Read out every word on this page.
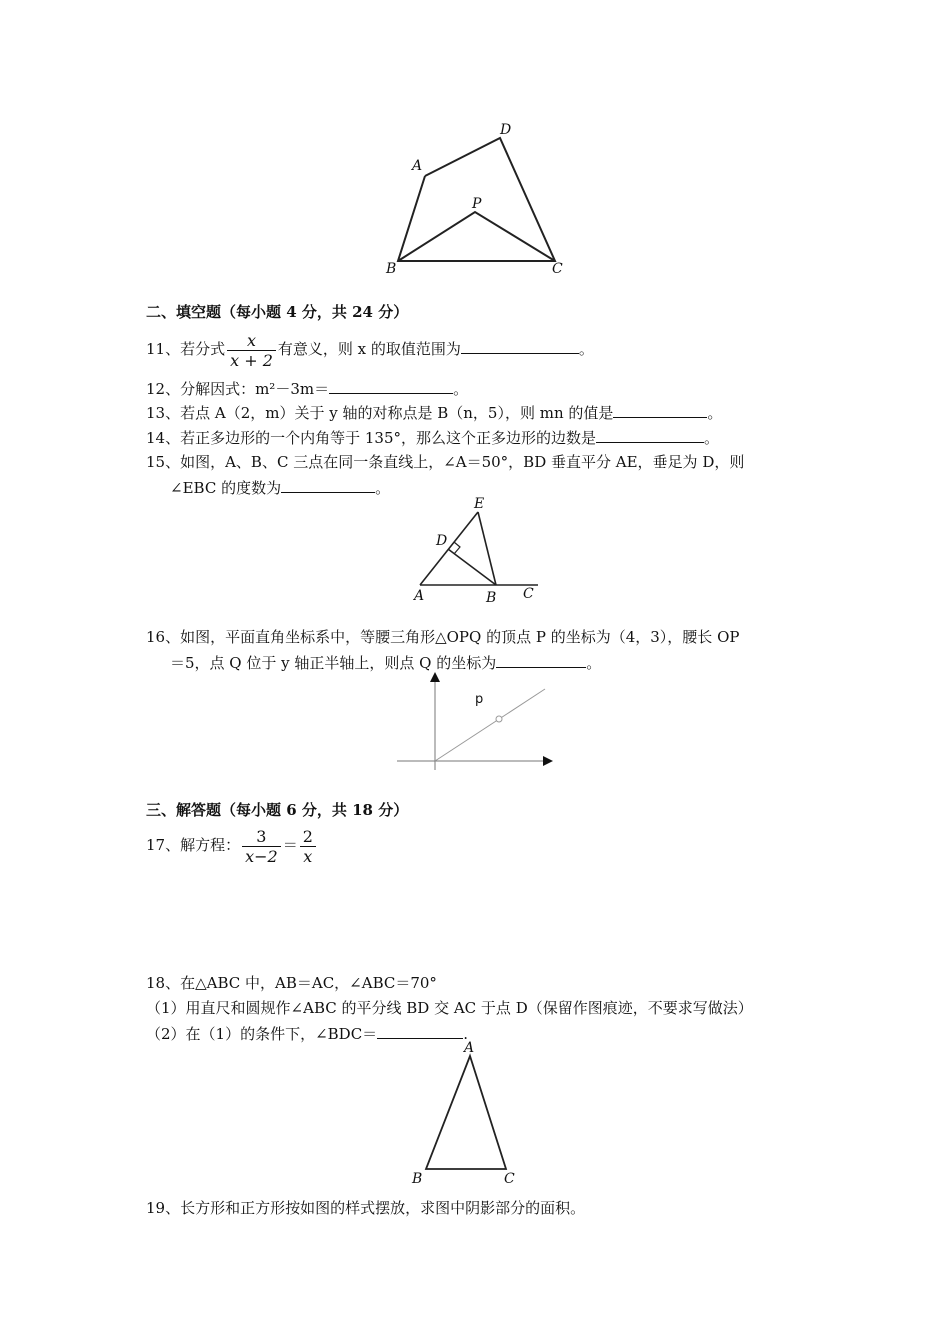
A
D
P
B	C
二、填空题（每小题 4 分，共 24 分）
11、若分式 $\frac{x}{x + 2}$ 有意义，则 x 的取值范围为	。
12、分解因式：m²－3m＝	。
13、若点 A（2，m）关于 y 轴的对称点是 B（n，5），则 mn 的值是	。
14、若正多边形的一个内角等于 135°，那么这个正多边形的边数是	。
15、如图，A、B、C 三点在同一条直线上，∠A＝50°，BD 垂直平分 AE，垂足为 D，则
∠EBC 的度数为	。
E
D
A	B C
16、如图，平面直角坐标系中，等腰三角形△OPQ 的顶点 P 的坐标为（4，3），腰长 OP
＝5，点 Q 位于 y 轴正半轴上，则点 Q 的坐标为	。
p
三、解答题（每小题 6 分，共 18 分）
17、解方程： $\frac{3}{x-2} = \frac{2}{x}$
18、在△ABC 中，AB＝AC，∠ABC＝70°
（1）用直尺和圆规作∠ABC 的平分线 BD 交 AC 于点 D（保留作图痕迹，不要求写做法）
（2）在（1）的条件下，∠BDC＝	.
A
B	C
19、长方形和正方形按如图的样式摆放，求图中阴影部分的面积。
